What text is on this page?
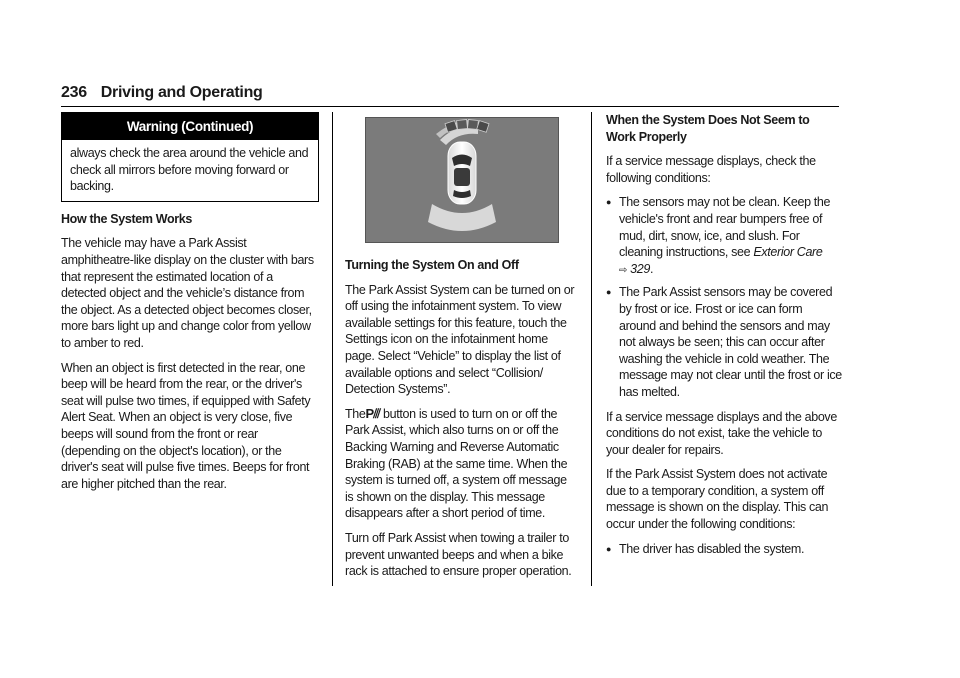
236 Driving and Operating
Warning (Continued)
always check the area around the vehicle and check all mirrors before moving forward or backing.

How the System Works

The vehicle may have a Park Assist amphitheatre-like display on the cluster with bars that represent the estimated location of a detected object and the vehicle’s distance from the object. As a detected object becomes closer, more bars light up and change color from yellow to amber to red.

When an object is first detected in the rear, one beep will be heard from the rear, or the driver's seat will pulse two times, if equipped with Safety Alert Seat. When an object is very close, five beeps will sound from the front or rear (depending on the object's location), or the driver's seat will pulse five times. Beeps for front are higher pitched than the rear.

Turning the System On and Off

The Park Assist System can be turned on or off using the infotainment system. To view available settings for this feature, touch the Settings icon on the infotainment home page. Select “Vehicle” to display the list of available options and select “Collision/ Detection Systems”.

TheP⫻ button is used to turn on or off the Park Assist, which also turns on or off the Backing Warning and Reverse Automatic Braking (RAB) at the same time. When the system is turned off, a system off message is shown on the display. This message disappears after a short period of time.

Turn off Park Assist when towing a trailer to prevent unwanted beeps and when a bike rack is attached to ensure proper operation.

When the System Does Not Seem to Work Properly

If a service message displays, check the following conditions:

● The sensors may not be clean. Keep the vehicle's front and rear bumpers free of mud, dirt, snow, ice, and slush. For cleaning instructions, see Exterior Care
⇨ 329.
● The Park Assist sensors may be covered by frost or ice. Frost or ice can form around and behind the sensors and may not always be seen; this can occur after washing the vehicle in cold weather. The message may not clear until the frost or ice has melted.

If a service message displays and the above conditions do not exist, take the vehicle to your dealer for repairs.

If the Park Assist System does not activate due to a temporary condition, a system off message is shown on the display. This can occur under the following conditions:

● The driver has disabled the system.
